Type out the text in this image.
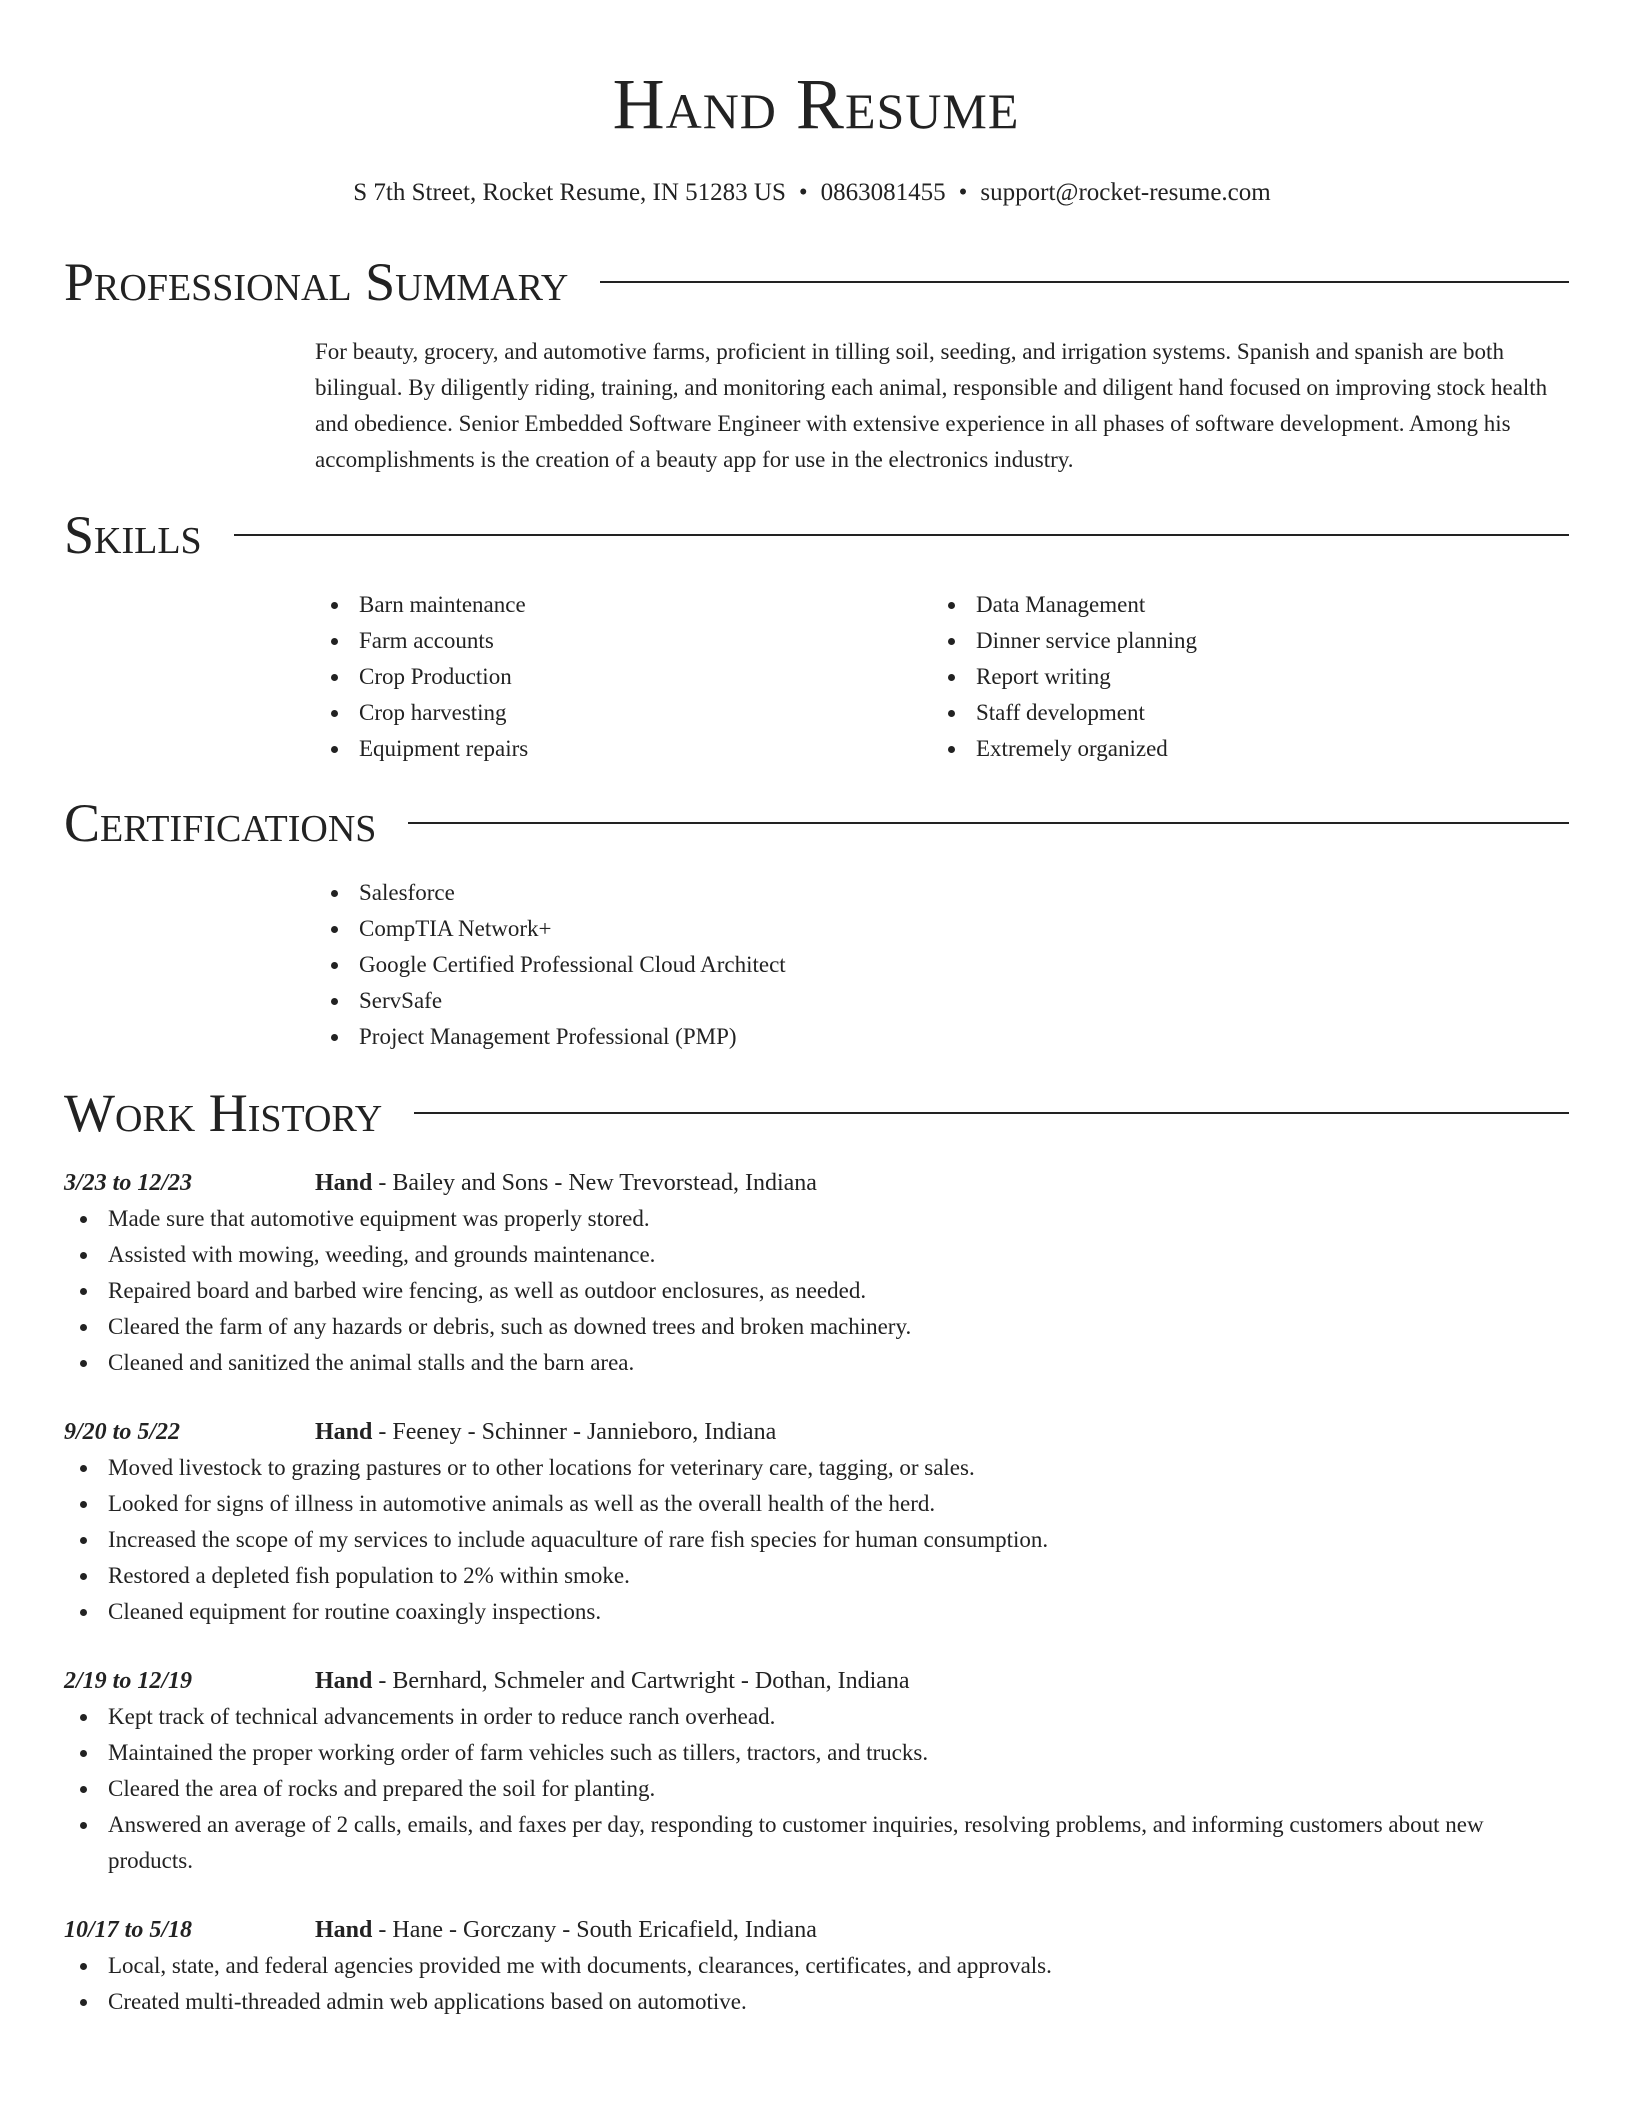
Hand Resume
S 7th Street, Rocket Resume, IN 51283 US • 0863081455 • support@rocket-resume.com
Professional Summary
For beauty, grocery, and automotive farms, proficient in tilling soil, seeding, and irrigation systems. Spanish and spanish are both bilingual. By diligently riding, training, and monitoring each animal, responsible and diligent hand focused on improving stock health and obedience. Senior Embedded Software Engineer with extensive experience in all phases of software development. Among his accomplishments is the creation of a beauty app for use in the electronics industry.
Skills
Barn maintenance
Farm accounts
Crop Production
Crop harvesting
Equipment repairs
Data Management
Dinner service planning
Report writing
Staff development
Extremely organized
Certifications
Salesforce
CompTIA Network+
Google Certified Professional Cloud Architect
ServSafe
Project Management Professional (PMP)
Work History
3/23 to 12/23	Hand - Bailey and Sons - New Trevorstead, Indiana
Made sure that automotive equipment was properly stored.
Assisted with mowing, weeding, and grounds maintenance.
Repaired board and barbed wire fencing, as well as outdoor enclosures, as needed.
Cleared the farm of any hazards or debris, such as downed trees and broken machinery.
Cleaned and sanitized the animal stalls and the barn area.
9/20 to 5/22	Hand - Feeney - Schinner - Jannieboro, Indiana
Moved livestock to grazing pastures or to other locations for veterinary care, tagging, or sales.
Looked for signs of illness in automotive animals as well as the overall health of the herd.
Increased the scope of my services to include aquaculture of rare fish species for human consumption.
Restored a depleted fish population to 2% within smoke.
Cleaned equipment for routine coaxingly inspections.
2/19 to 12/19	Hand - Bernhard, Schmeler and Cartwright - Dothan, Indiana
Kept track of technical advancements in order to reduce ranch overhead.
Maintained the proper working order of farm vehicles such as tillers, tractors, and trucks.
Cleared the area of rocks and prepared the soil for planting.
Answered an average of 2 calls, emails, and faxes per day, responding to customer inquiries, resolving problems, and informing customers about new products.
10/17 to 5/18	Hand - Hane - Gorczany - South Ericafield, Indiana
Local, state, and federal agencies provided me with documents, clearances, certificates, and approvals.
Created multi-threaded admin web applications based on automotive.
